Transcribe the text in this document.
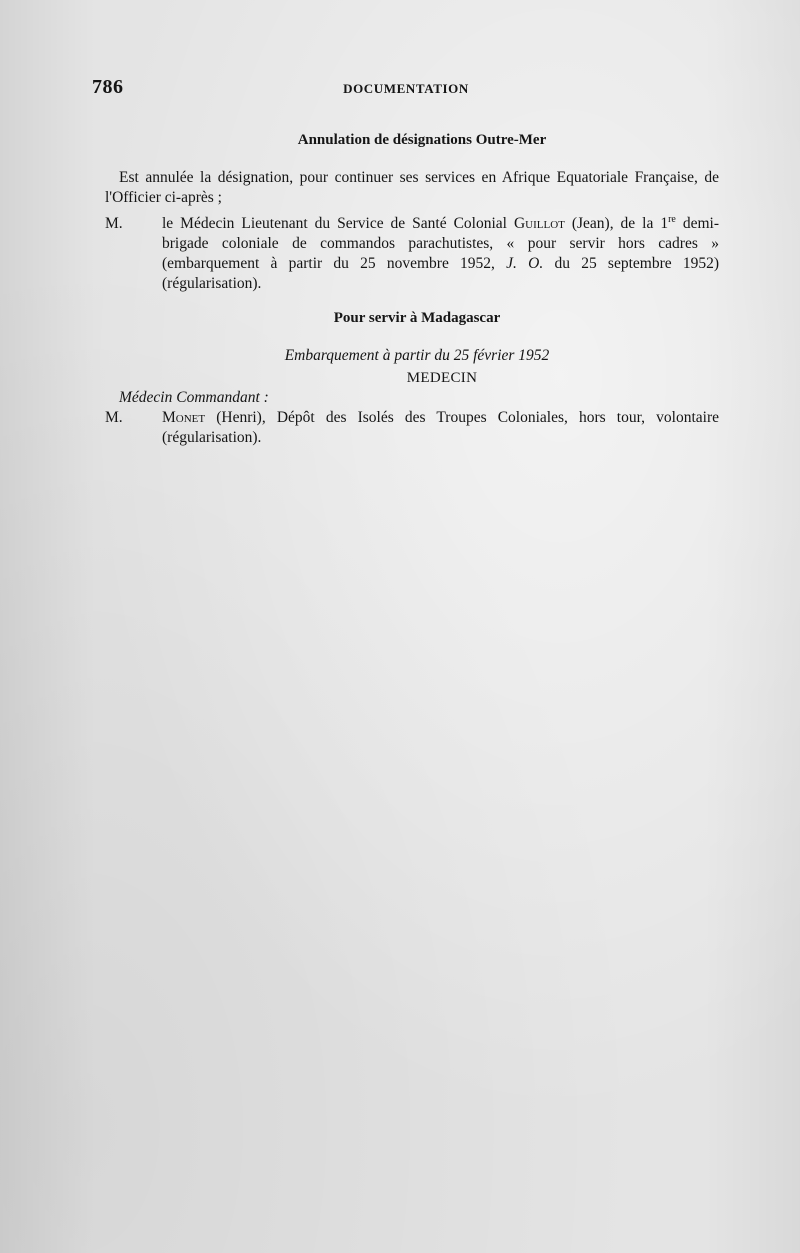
786	DOCUMENTATION
Annulation de désignations Outre-Mer

Est annulée la désignation, pour continuer ses services en Afrique Equatoriale Française, de l'Officier ci-après ;

M.	le Médecin Lieutenant du Service de Santé Colonial Guillot (Jean), de la 1re demi-brigade coloniale de commandos parachutistes, « pour servir hors cadres » (embarquement à partir du 25 novembre 1952, J. O. du 25 septembre 1952) (régularisation).

Pour servir à Madagascar
Embarquement à partir du 25 février 1952
MEDECIN
Médecin Commandant :

M.	Monet (Henri), Dépôt des Isolés des Troupes Coloniales, hors tour, volontaire (régularisation).
